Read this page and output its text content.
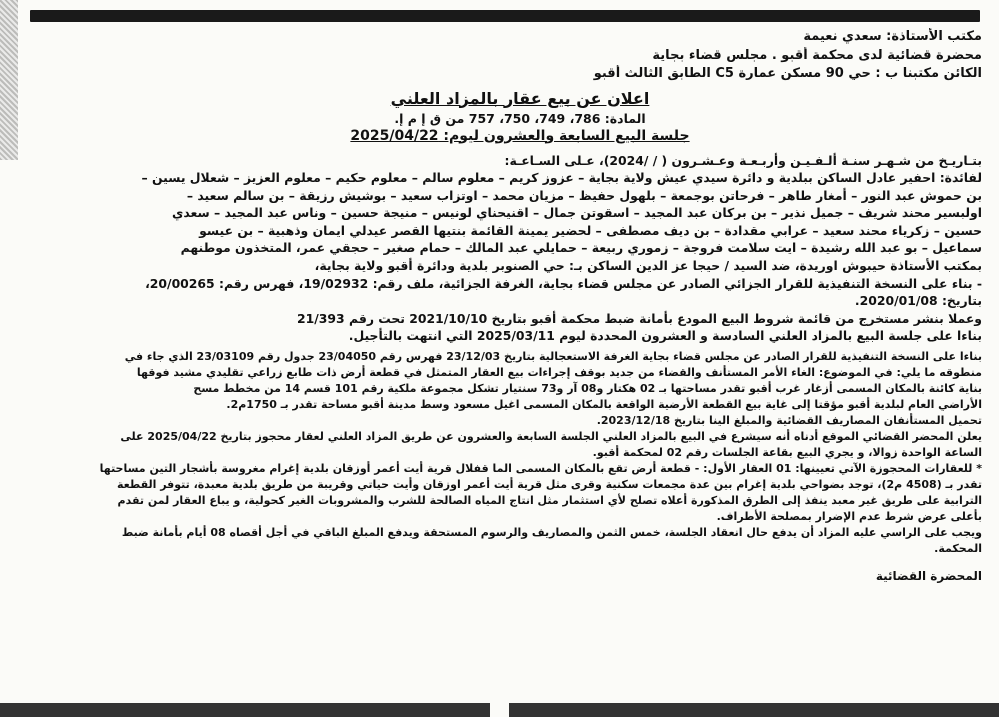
مكتب الأستاذة: سعدي نعيمة
محضرة قضائية لدى محكمة أقبو . مجلس قضاء بجاية
الكائن مكتبنا ب : حي 90 مسكن عمارة C5 الطابق الثالث أقبو
اعلان عن بيع عقار بالمزاد العلني
المادة: 786، 749، 750، 757 من ق إ م إ.
جلسة البيع السابعة والعشرون ليوم: 2025/04/22
بتـاريـخ من شـهـر سنـة ألـفـيـن وأربـعـة وعـشـرون ( / /2024)، عـلى السـاعـة:
لفائدة: احفير عادل الساكن ببلدية و دائرة سيدي عيش ولاية بجاية – عزوز كريم – معلوم سالم – معلوم حكيم – معلوم العزيز – شعلال يسين –
بن حموش عبد النور – أمغار طاهر – فرحاتن بوجمعة – بلهول حفيظ – مزيان محمد – اوتزاب سعيد – بوشيش رزيقة – بن سالم سعيد –
اولبسير محند شريف – جميل نذير – بن بركان عبد المجيد – اسقوتن جمال – اقنيحناي لونيس – منيجة حسين – وناس عبد المجيد – سعدي
حسين – زكرياء محند سعيد – عرابي مقدادة – بن ديف مصطفى – لحضير يمينة القائمة بنتيها القصر عيدلي ايمان وذهبية – بن عيسو
سماعيل – بو عبد الله رشيدة – ايت سلامت فروجة – زموري ربيعة – حمايلي عبد المالك – حمام صغير – حجقي عمر، المتخذون موطنهم
بمكتب الأستاذة حيبوش اوريدة، ضد السيد / حيجا عز الدين الساكن بـ: حي الصنوبر بلدية ودائرة أقبو ولاية بجاية،
- بناء على النسخة التنفيذية للقرار الجزائي الصادر عن مجلس قضاء بجاية، الغرفة الجزائية، ملف رقم: 19/02932، فهرس رقم: 20/00265،
بتاريخ: 2020/01/08.
وعملا بنشر مستخرج من قائمة شروط البيع المودع بأمانة ضبط محكمة أقبو بتاريخ 2021/10/10 تحت رقم 21/393
بناءا على جلسة البيع بالمزاد العلني السادسة و العشرون المحددة ليوم 2025/03/11 التي انتهت بالتأجيل.
بناءا على النسخة التنفيذية للقرار الصادر عن مجلس قضاء بجاية الغرفة الاستعجالية بتاريخ 23/12/03 فهرس رقم 23/04050 جدول رقم 23/03109 الذي جاء في
منطوقه ما يلي: في الموضوع: الغاء الأمر المستأنف والقضاء من جديد بوقف إجراءات بيع العقار المتمثل في قطعة أرض ذات طابع زراعي تقليدي مشيد فوقها
بناية كائنة بالمكان المسمى أزغار غرب أقبو تقدر مساحتها بـ 02 هكتار و08 آر و73 سنتيار تشكل مجموعة ملكية رقم 101 قسم 14 من مخطط مسح
الأراضي العام لبلدية أقبو مؤقتا إلى غاية بيع القطعة الأرضية الواقعة بالمكان المسمى اغيل مسعود وسط مدينة أقبو مساحة تقدر بـ 1750م2.
تحميل المستأنفان المصاريف القضائية والمبلغ الينا بتاريخ 2023/12/18.
يعلن المحضر القضائي الموقع أدناه أنه سيشرع في البيع بالمزاد العلني الجلسة السابعة والعشرون عن طريق المزاد العلني لعقار محجوز بتاريخ 2025/04/22 على
الساعة الواحدة زوالا، و يجري البيع بقاعة الجلسات رقم 02 لمحكمة أقبو.
* للعقارات المحجوزة الآتي تعيينها: 01 العقار الأول: - قطعة أرض تقع بالمكان المسمى الما قفلال قرية أيت أعمر أوزقان بلدية إغرام مغروسة بأشجار التين مساحتها
تقدر بـ (4508 م2)، توجد بضواحي بلدية إغرام بين عدة مجمعات سكنية وقرى مثل قرية أيت أعمر اوزقان وأيت حياتي وقريبة من طريق بلدية معبدة، تتوفر القطعة
الترابية على طريق غير معبد ينفذ إلى الطرق المذكورة أعلاه تصلح لأي استثمار مثل انتاج المياه الصالحة للشرب والمشروبات الغير كحولية، و يباع العقار لمن تقدم
بأعلى عرض شرط عدم الإضرار بمصلحة الأطراف.
ويجب على الراسي عليه المزاد أن يدفع حال انعقاد الجلسة، خمس الثمن والمصاريف والرسوم المستحقة ويدفع المبلغ الباقي في أجل أقصاه 08 أيام بأمانة ضبط
المحكمة.
المحضرة القضائية
